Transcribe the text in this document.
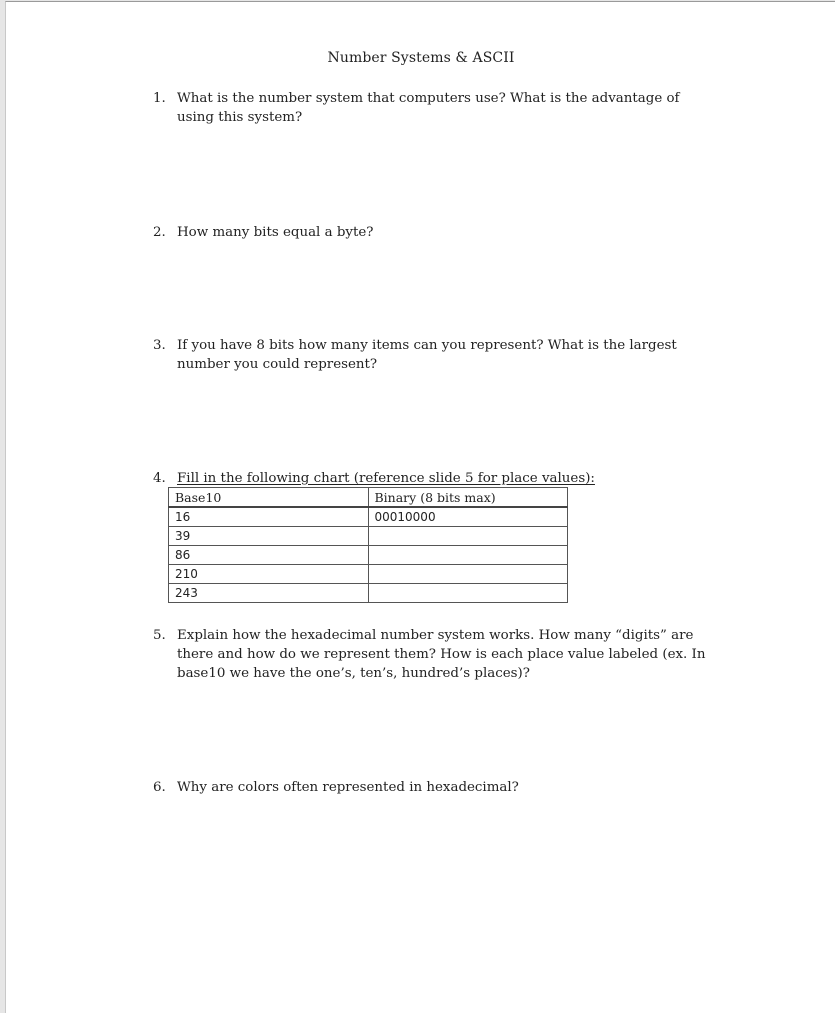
Number Systems & ASCII
1. What is the number system that computers use? What is the advantage of using this system?
2. How many bits equal a byte?
3. If you have 8 bits how many items can you represent? What is the largest number you could represent?
4. Fill in the following chart (reference slide 5 for place values):
Base10	Binary (8 bits max)
16	00010000
39	
86	
210	
243	
5. Explain how the hexadecimal number system works. How many “digits” are there and how do we represent them? How is each place value labeled (ex. In base10 we have the one’s, ten’s, hundred’s places)?
6. Why are colors often represented in hexadecimal?
